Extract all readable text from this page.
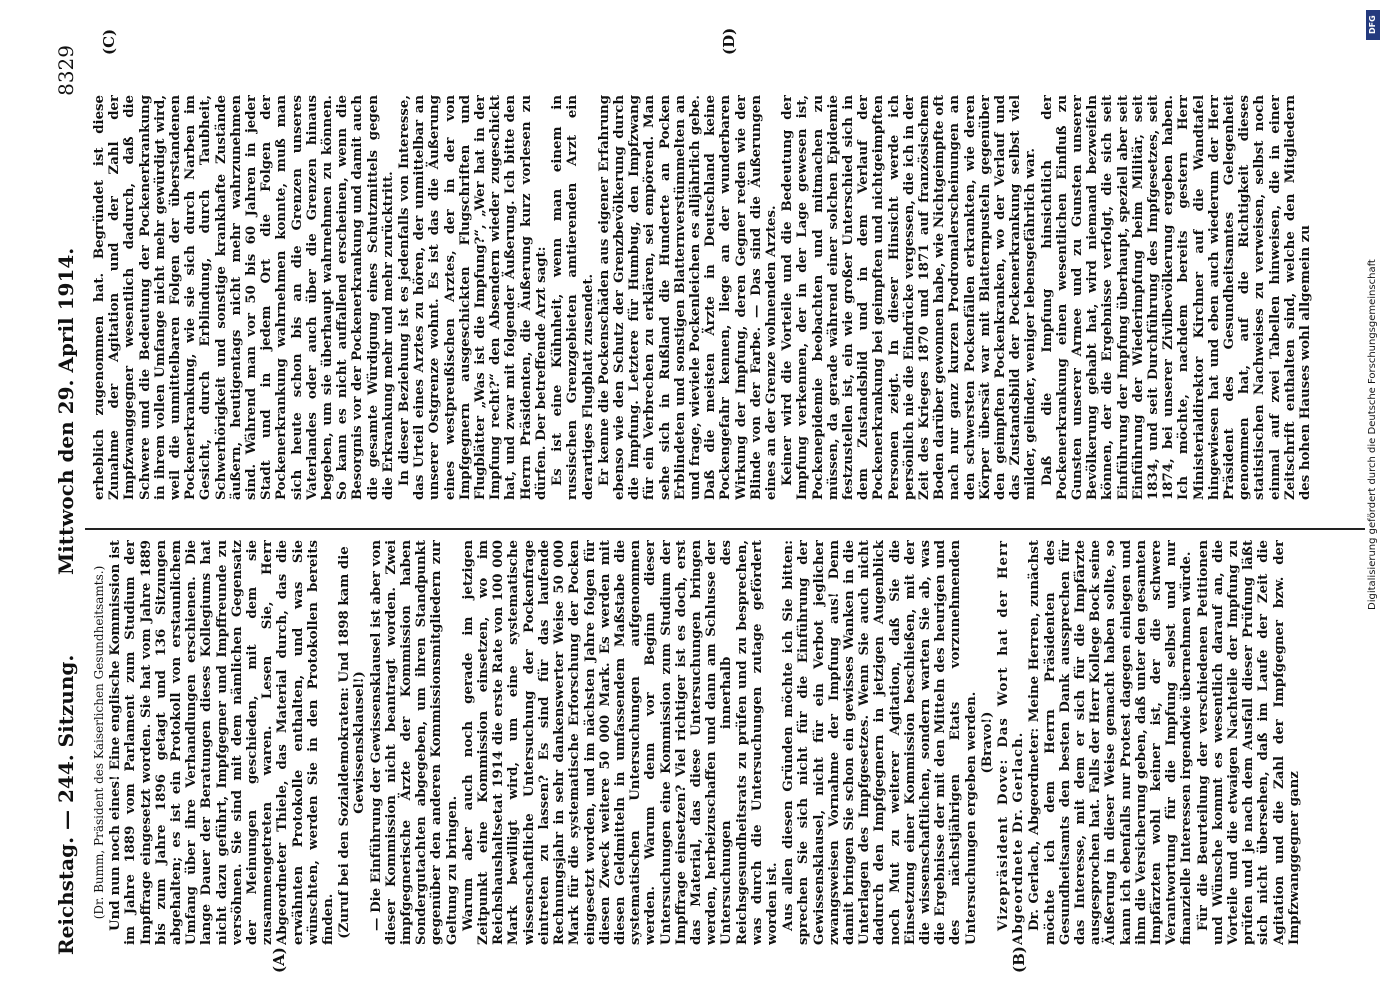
Reichstag. — 244. Sitzung.
Mittwoch den 29. April 1914.
8329
(A)	(B)
(C)	(D)

(Dr. Bumm, Präsident des Kaiserlichen Gesundheitsamts.) Und nun noch eines! Eine englische Kommission ist im Jahre 1889 vom Parlament zum Studium der Impffrage eingesetzt worden. Sie hat vom Jahre 1889 bis zum Jahre 1896 getagt und 136 Sitzungen abgehalten; es ist ein Protokoll von erstaunlichem Umfang über ihre Verhandlungen erschienen. Die lange Dauer der Beratungen dieses Kollegiums hat nicht dazu geführt, Impfgegner und Impffreunde zu versöhnen. Sie sind mit dem nämlichen Gegensatz der Meinungen geschieden, mit dem sie zusammengetreten waren. Lesen Sie, Herr Abgeordneter Thiele, das Material durch, das die erwähnten Protokolle enthalten, und was Sie wünschten, werden Sie in den Protokollen bereits finden. (Zuruf bei den Sozialdemokraten: Und 1898 kam die Gewissensklausel!) — Die Einführung der Gewissensklausel ist aber von dieser Kommission nicht beantragt worden. Zwei impfgegnerische Ärzte der Kommission haben Sondergutachten abgegeben, um ihren Standpunkt gegenüber den anderen Kommissionsmitgliedern zur Geltung zu bringen. Warum aber auch noch gerade im jetzigen Zeitpunkt eine Kommission einsetzen, wo im Reichshaushaltsetat 1914 die erste Rate von 100 000 Mark bewilligt wird, um eine systematische wissenschaftliche Untersuchung der Pockenfrage eintreten zu lassen? Es sind für das laufende Rechnungsjahr in sehr dankenswerter Weise 50 000 Mark für die systematische Erforschung der Pocken eingesetzt worden, und im nächsten Jahre folgen für diesen Zweck weitere 50 000 Mark. Es werden mit diesen Geldmitteln in umfassendem Maßstabe die systematischen Untersuchungen aufgenommen werden. Warum denn vor Beginn dieser Untersuchungen eine Kommission zum Studium der Impffrage einsetzen? Viel richtiger ist es doch, erst das Material, das diese Untersuchungen bringen werden, herbeizuschaffen und dann am Schlusse der Untersuchungen innerhalb des Reichsgesundheitsrats zu prüfen und zu besprechen, was durch die Untersuchungen zutage gefördert worden ist. Aus allen diesen Gründen möchte ich Sie bitten: sprechen Sie sich nicht für die Einführung der Gewissensklausel, nicht für ein Verbot jeglicher zwangsweisen Vornahme der Impfung aus! Denn damit bringen Sie schon ein gewisses Wanken in die Unterlagen des Impfgesetzes. Wenn Sie auch nicht dadurch den Impfgegnern in jetzigen Augenblick noch Mut zu weiterer Agitation, daß Sie die Einsetzung einer Kommission beschließen, mit der die wissenschaftlichen, sondern warten Sie ab, was die Ergebnisse der mit den Mitteln des heurigen und des nächstjährigen Etats vorzunehmenden Untersuchungen ergeben werden. (Bravo!) Vizepräsident Dove: Das Wort hat der Herr Abgeordnete Dr. Gerlach. Dr. Gerlach, Abgeordneter: Meine Herren, zunächst möchte ich dem Herrn Präsidenten des Gesundheitsamts den besten Dank aussprechen für das Interesse, mit dem er sich für die Impfärzte ausgesprochen hat. Falls der Herr Kollege Bock seine Äußerung in dieser Weise gemacht haben sollte, so kann ich ebenfalls nur Protest dagegen einlegen und ihm die Versicherung geben, daß unter den gesamten Impfärzten wohl keiner ist, der die schwere Verantwortung für die Impfung selbst und nur finanzielle Interessen irgendwie übernehmen würde. Für die Beurteilung der verschiedenen Petitionen und Wünsche kommt es wesentlich darauf an, die Vorteile und die etwaigen Nachteile der Impfung zu prüfen und je nach dem Ausfall dieser Prüfung läßt sich nicht übersehen, daß im Laufe der Zeit die Agitation und die Zahl der Impfgegner bzw. der Impfzwanggegner ganz

erheblich zugenommen hat. Begründet ist diese Zunahme der Agitation und der Zahl der Impfzwanggegner wesentlich dadurch, daß die Schwere und die Bedeutung der Pockenerkrankung in ihrem vollen Umfange nicht mehr gewürdigt wird, weil die unmittelbaren Folgen der überstandenen Pockenerkrankung, wie sie sich durch Narben im Gesicht, durch Erblindung, durch Taubheit, Schwerhörigkeit und sonstige krankhafte Zustände äußern, heutigentags nicht mehr wahrzunehmen sind. Während man vor 50 bis 60 Jahren in jeder Stadt und in jedem Ort die Folgen der Pockenerkrankung wahrnehmen konnte, muß man sich heute schon bis an die Grenzen unseres Vaterlandes oder auch über die Grenzen hinaus begeben, um sie überhaupt wahrnehmen zu können. So kann es nicht auffallend erscheinen, wenn die Besorgnis vor der Pockenerkrankung und damit auch die gesamte Würdigung eines Schutzmittels gegen die Erkrankung mehr und mehr zurücktritt. In dieser Beziehung ist es jedenfalls von Interesse, das Urteil eines Arztes zu hören, der unmittelbar an unserer Ostgrenze wohnt. Es ist das die Äußerung eines westpreußischen Arztes, der in der von Impfgegnern ausgeschickten Flugschriften und Flugblätter „Was ist die Impfung?“, „Wer hat in der Impfung recht?“ den Absendern wieder zugeschickt hat, und zwar mit folgender Äußerung. Ich bitte den Herrn Präsidenten, die Äußerung kurz vorlesen zu dürfen. Der betreffende Arzt sagt: Es ist eine Kühnheit, wenn man einem in russischen Grenzgebieten amtierenden Arzt ein derartiges Flugblatt zusendet. Er kenne die Pockenschäden aus eigener Erfahrung ebenso wie den Schutz der Grenzbevölkerung durch die Impfung. Letztere für Humbug, den Impfzwang für ein Verbrechen zu erklären, sei empörend. Man sehe sich in Rußland die Hunderte an Pocken Erblindeten und sonstigen Blatternverstümmelten an und frage, wieviele Pockenleichen es alljährlich gebe. Daß die meisten Ärzte in Deutschland keine Pockengefahr kennen, liege an der wunderbaren Wirkung der Impfung, deren Gegner reden wie der Blinde von der Farbe. — Das sind die Äußerungen eines an der Grenze wohnenden Arztes. Keiner wird die Vorteile und die Bedeutung der Impfung verkennen, der in der Lage gewesen ist, Pockenepidemie beobachten und mitmachen zu müssen, da gerade während einer solchen Epidemie festzustellen ist, ein wie großer Unterschied sich in dem Zustandsbild und in dem Verlauf der Pockenerkrankung bei geimpften und nichtgeimpften Personen zeigt. In dieser Hinsicht werde ich persönlich nie die Eindrücke vergessen, die ich in der Zeit des Krieges 1870 und 1871 auf französischem Boden darüber gewonnen habe, wie Nichtgeimpfte oft nach nur ganz kurzen Prodromalerscheinungen an den schwersten Pockenfällen erkrankten, wie deren Körper übersät war mit Blatternpusteln gegenüber den geimpften Pockenkranken, wo der Verlauf und das Zustandsbild der Pockenerkrankung selbst viel milder, gelinder, weniger lebensgefährlich war. Daß die Impfung hinsichtlich der Pockenerkrankung einen wesentlichen Einfluß zu Gunsten unserer Armee und zu Gunsten unserer Bevölkerung gehabt hat, wird niemand bezweifeln können, der die Ergebnisse verfolgt, die sich seit Einführung der Impfung überhaupt, speziell aber seit Einführung der Wiederimpfung beim Militär, seit 1834, und seit Durchführung des Impfgesetzes, seit 1874, bei unserer Zivilbevölkerung ergeben haben. Ich möchte, nachdem bereits gestern Herr Ministerialdirektor Kirchner auf die Wandtafel hingewiesen hat und eben auch wiederum der Herr Präsident des Gesundheitsamtes Gelegenheit genommen hat, auf die Richtigkeit dieses statistischen Nachweises zu verweisen, selbst noch einmal auf zwei Tabellen hinweisen, die in einer Zeitschrift enthalten sind, welche den Mitgliedern des hohen Hauses wohl allgemein zu

DFG
Digitalisierung gefördert durch die Deutsche Forschungsgemeinschaft
